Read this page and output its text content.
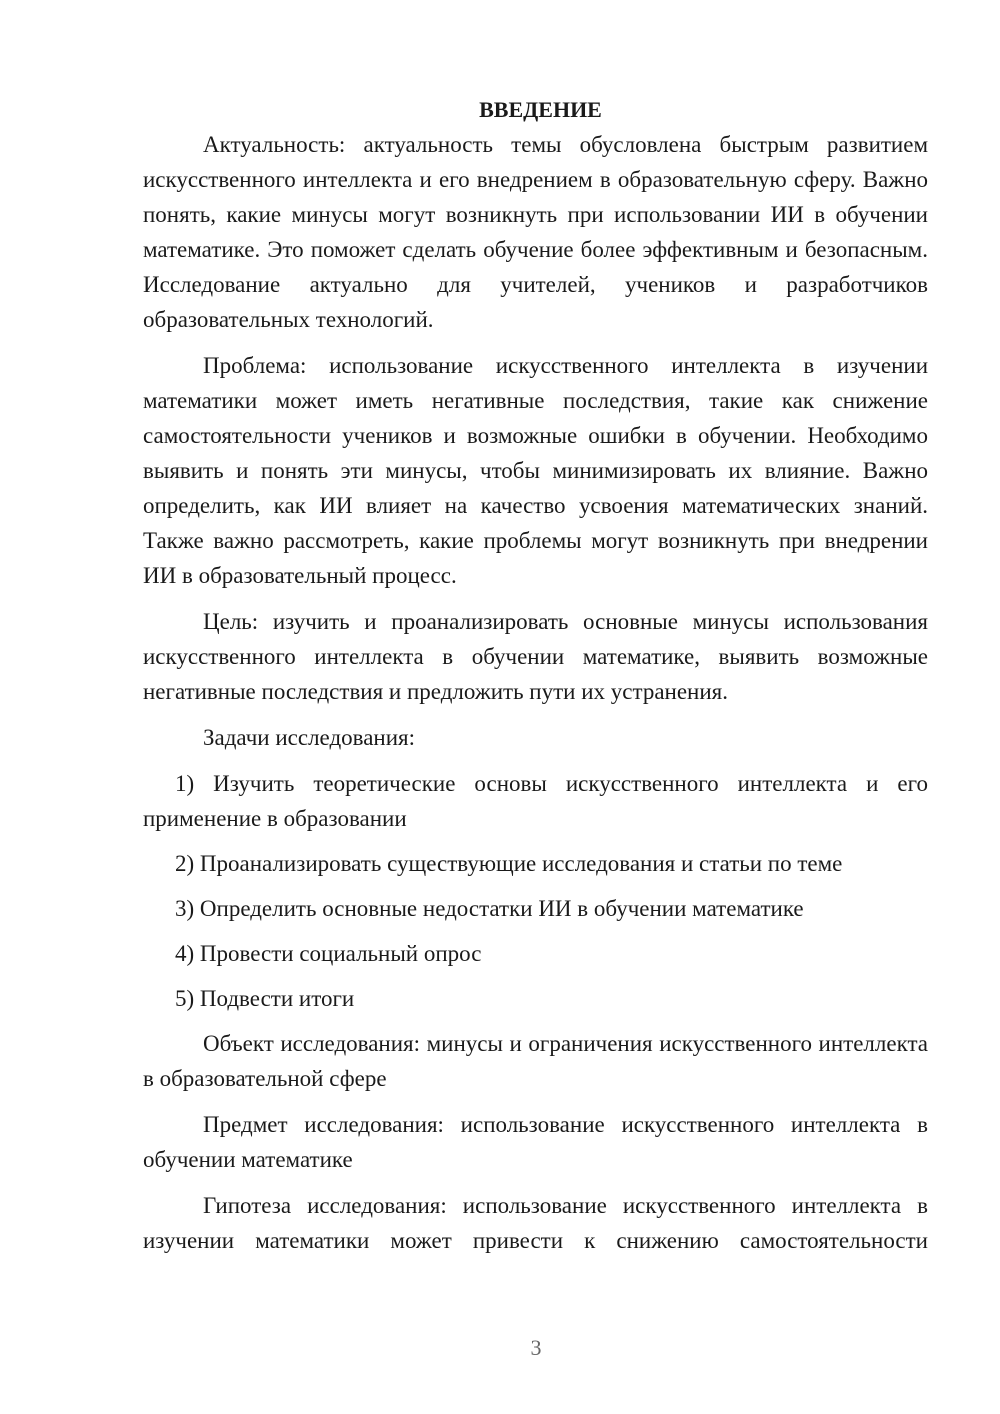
ВВЕДЕНИЕ

Актуальность: актуальность темы обусловлена быстрым развитием искусственного интеллекта и его внедрением в образовательную сферу. Важно понять, какие минусы могут возникнуть при использовании ИИ в обучении математике. Это поможет сделать обучение более эффективным и безопасным. Исследование актуально для учителей, учеников и разработчиков образовательных технологий.

Проблема: использование искусственного интеллекта в изучении математики может иметь негативные последствия, такие как снижение самостоятельности учеников и возможные ошибки в обучении. Необходимо выявить и понять эти минусы, чтобы минимизировать их влияние. Важно определить, как ИИ влияет на качество усвоения математических знаний. Также важно рассмотреть, какие проблемы могут возникнуть при внедрении ИИ в образовательный процесс.

Цель: изучить и проанализировать основные минусы использования искусственного интеллекта в обучении математике, выявить возможные негативные последствия и предложить пути их устранения.

Задачи исследования:

1) Изучить теоретические основы искусственного интеллекта и его применение в образовании

2) Проанализировать существующие исследования и статьи по теме

3) Определить основные недостатки ИИ в обучении математике

4) Провести социальный опрос

5) Подвести итоги

Объект исследования: минусы и ограничения искусственного интеллекта в образовательной сфере

Предмет исследования: использование искусственного интеллекта в обучении математике

Гипотеза исследования: использование искусственного интеллекта в изучении математики может привести к снижению самостоятельности

3
